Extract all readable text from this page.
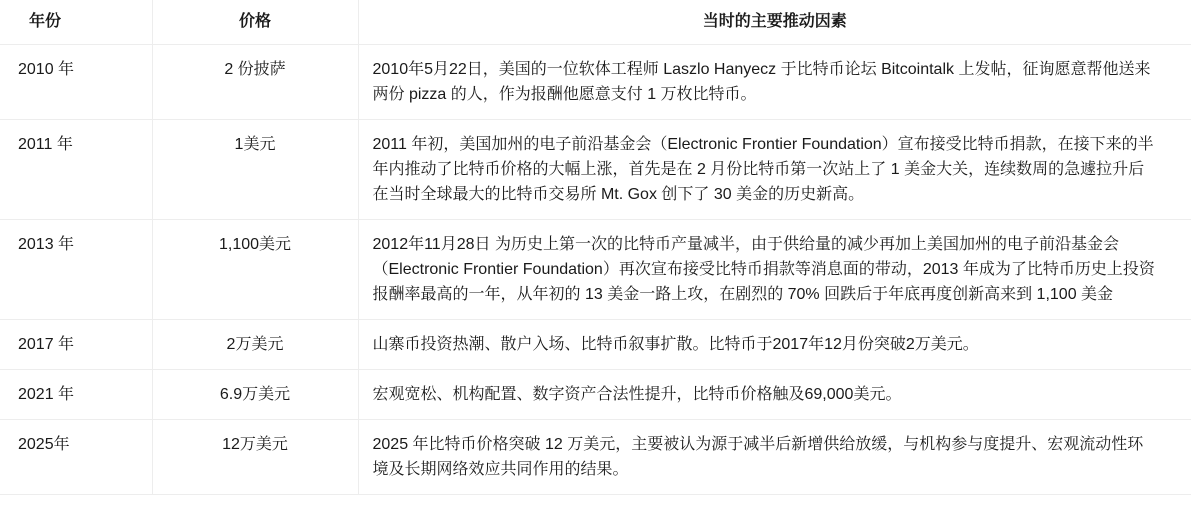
年份	价格	当时的主要推动因素
2010 年	2 份披萨	2010年5月22日，美国的一位软体工程师 Laszlo Hanyecz 于比特币论坛 Bitcointalk 上发帖，征询愿意帮他送来两份 pizza 的人，作为报酬他愿意支付 1 万枚比特币。
2011 年	1美元	2011 年初，美国加州的电子前沿基金会（Electronic Frontier Foundation）宣布接受比特币捐款，在接下来的半年内推动了比特币价格的大幅上涨，首先是在 2 月份比特币第一次站上了 1 美金大关，连续数周的急遽拉升后在当时全球最大的比特币交易所 Mt. Gox 创下了 30 美金的历史新高。
2013 年	1,100美元	2012年11月28日 为历史上第一次的比特币产量减半，由于供给量的减少再加上美国加州的电子前沿基金会（Electronic Frontier Foundation）再次宣布接受比特币捐款等消息面的带动，2013 年成为了比特币历史上投资报酬率最高的一年，从年初的 13 美金一路上攻，在剧烈的 70% 回跌后于年底再度创新高来到 1,100 美金
2017 年	2万美元	山寨币投资热潮、散户入场、比特币叙事扩散。比特币于2017年12月份突破2万美元。
2021 年	6.9万美元	宏观宽松、机构配置、数字资产合法性提升，比特币价格触及69,000美元。
2025年	12万美元	2025 年比特币价格突破 12 万美元，主要被认为源于减半后新增供给放缓，与机构参与度提升、宏观流动性环境及长期网络效应共同作用的结果。
